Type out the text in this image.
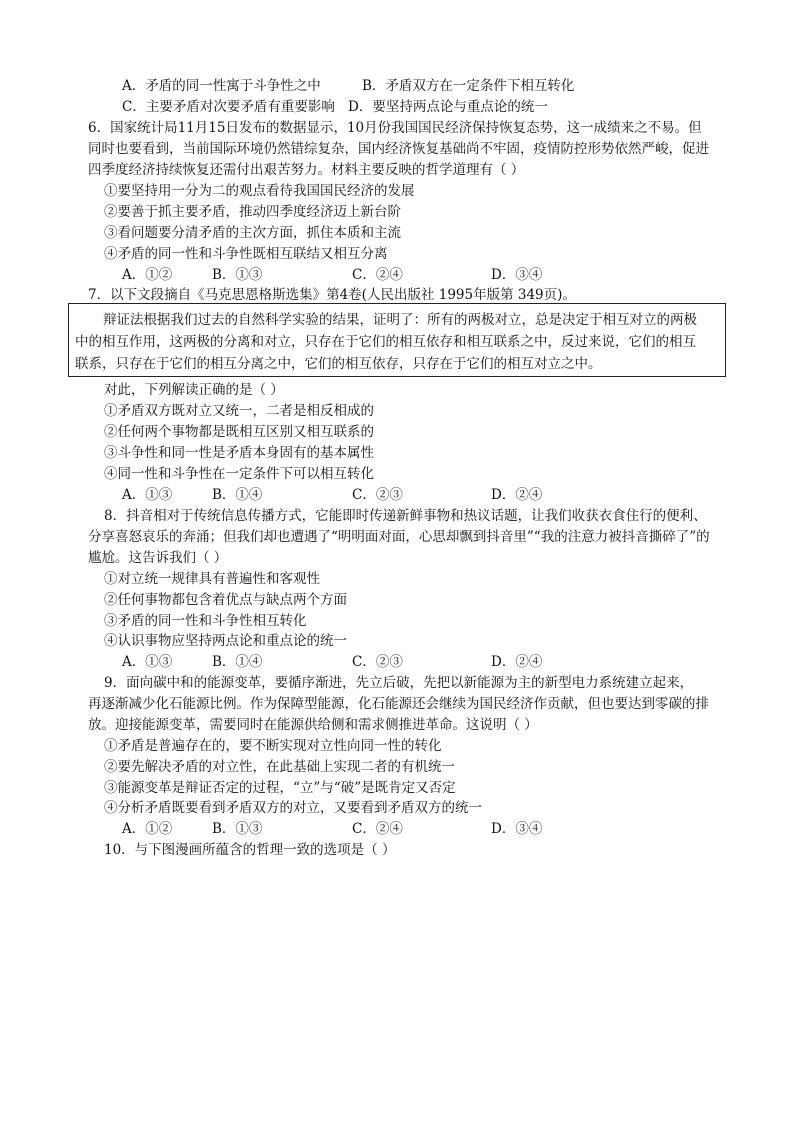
A．矛盾的同一性寓于斗争性之中	B．矛盾双方在一定条件下相互转化
C．主要矛盾对次要矛盾有重要影响 D．要坚持两点论与重点论的统一
6．国家统计局11月15日发布的数据显示，10月份我国国民经济保持恢复态势，这一成绩来之不易。但
同时也要看到，当前国际环境仍然错综复杂，国内经济恢复基础尚不牢固，疫情防控形势依然严峻，促进
四季度经济持续恢复还需付出艰苦努力。材料主要反映的哲学道理有（ ）
①要坚持用一分为二的观点看待我国国民经济的发展
②要善于抓主要矛盾，推动四季度经济迈上新台阶
③看问题要分清矛盾的主次方面，抓住本质和主流
④矛盾的同一性和斗争性既相互联结又相互分离
A．①②	B．①③	C．②④	D．③④
7．以下文段摘自《马克思恩格斯选集》第4卷(人民出版社 1995年版第 349页)。
辩证法根据我们过去的自然科学实验的结果，证明了：所有的两极对立，总是决定于相互对立的两极
中的相互作用，这两极的分离和对立，只存在于它们的相互依存和相互联系之中，反过来说，它们的相互
联系，只存在于它们的相互分离之中，它们的相互依存，只存在于它们的相互对立之中。
对此，下列解读正确的是（ ）
①矛盾双方既对立又统一，二者是相反相成的
②任何两个事物都是既相互区别又相互联系的
③斗争性和同一性是矛盾本身固有的基本属性
④同一性和斗争性在一定条件下可以相互转化
A．①③	B．①④	C．②③	D．②④
8．抖音相对于传统信息传播方式，它能即时传递新鲜事物和热议话题，让我们收获衣食住行的便利、
分享喜怒哀乐的奔涌；但我们却也遭遇了“明明面对面，心思却飘到抖音里”“我的注意力被抖音撕碎了”的
尴尬。这告诉我们（ ）
①对立统一规律具有普遍性和客观性
②任何事物都包含着优点与缺点两个方面
③矛盾的同一性和斗争性相互转化
④认识事物应坚持两点论和重点论的统一
A．①③	B．①④	C．②③	D．②④
9．面向碳中和的能源变革，要循序渐进，先立后破，先把以新能源为主的新型电力系统建立起来，
再逐渐减少化石能源比例。作为保障型能源，化石能源还会继续为国民经济作贡献，但也要达到零碳的排
放。迎接能源变革，需要同时在能源供给侧和需求侧推进革命。这说明（ ）
①矛盾是普遍存在的，要不断实现对立性向同一性的转化
②要先解决矛盾的对立性，在此基础上实现二者的有机统一
③能源变革是辩证否定的过程，“立”与“破”是既肯定又否定
④分析矛盾既要看到矛盾双方的对立，又要看到矛盾双方的统一
A．①②	B．①③	C．②④	D．③④
10．与下图漫画所蕴含的哲理一致的选项是（ ）
